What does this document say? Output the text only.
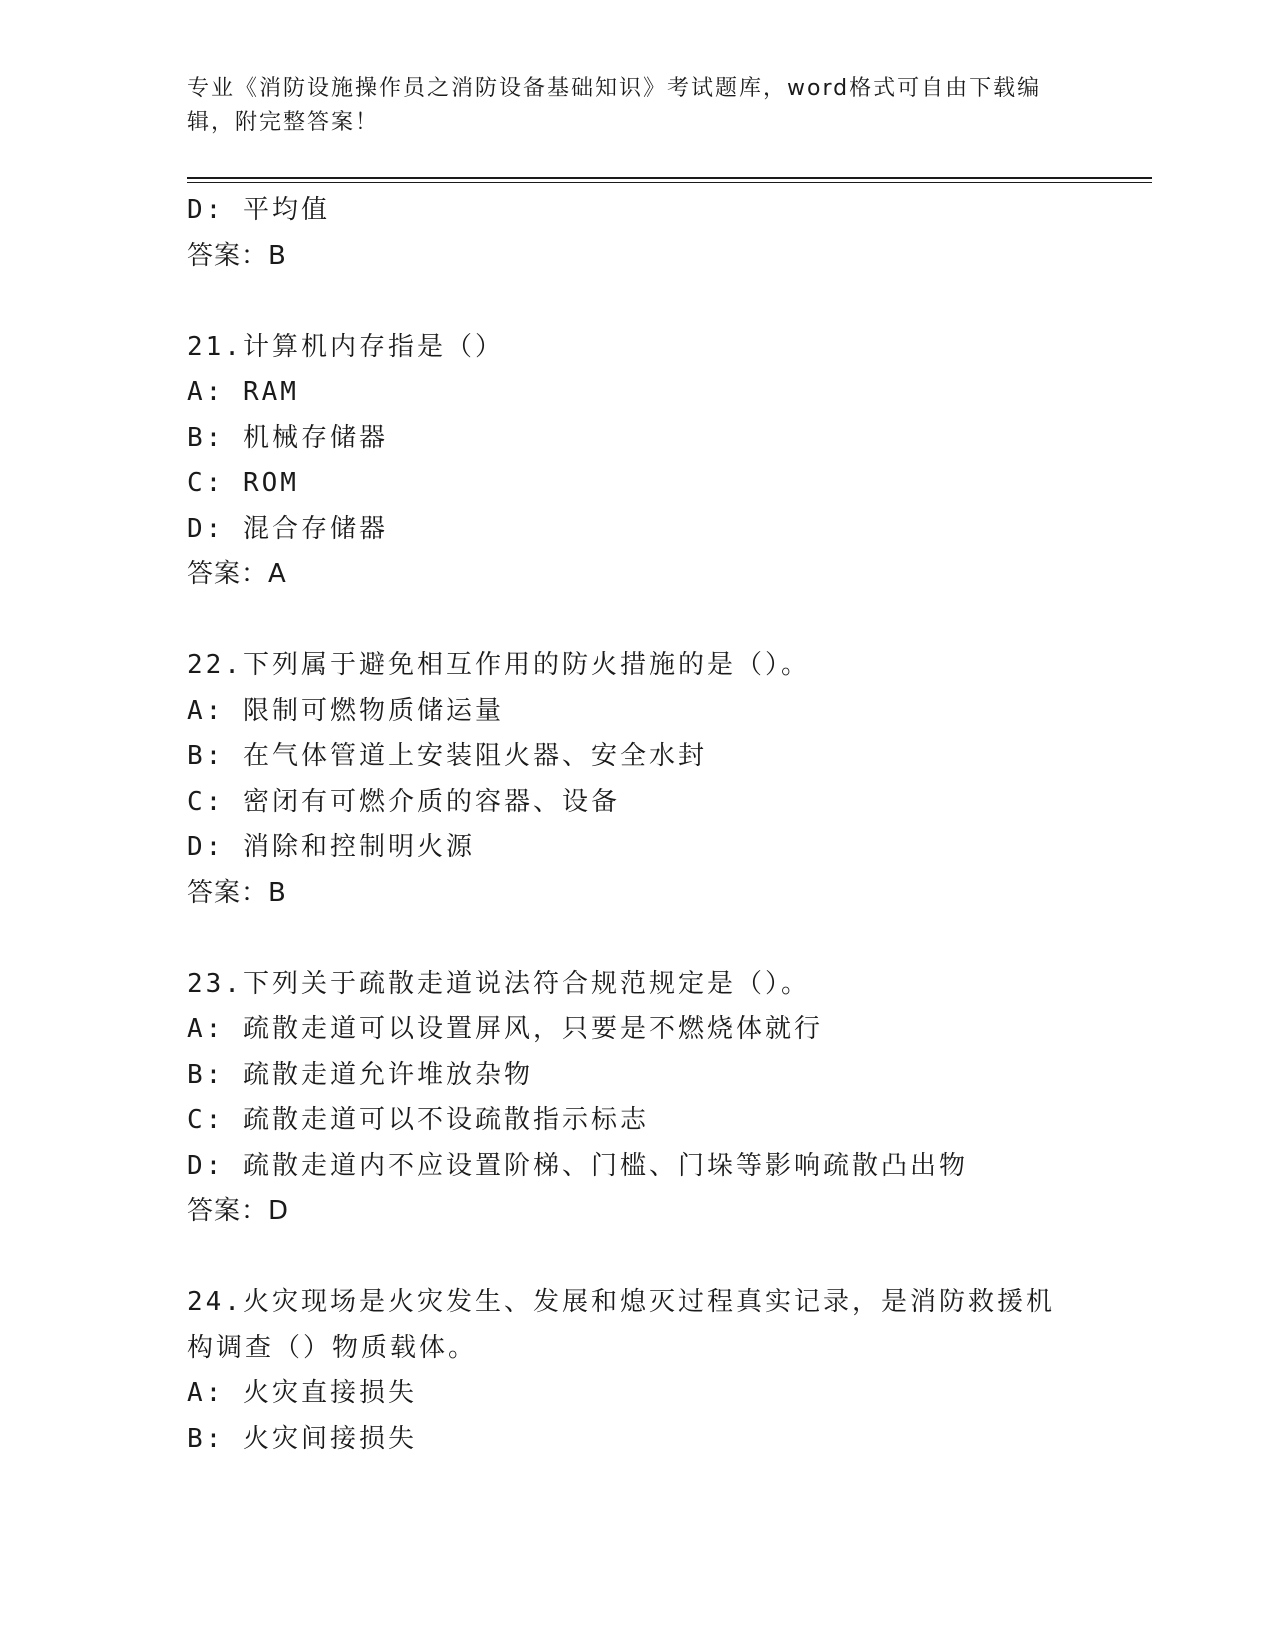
专业《消防设施操作员之消防设备基础知识》考试题库，word格式可自由下载编辑，附完整答案！
D: 平均值
答案：B
21.计算机内存指是（）
A: RAM
B: 机械存储器
C: ROM
D: 混合存储器
答案：A
22.下列属于避免相互作用的防火措施的是（）。
A: 限制可燃物质储运量
B: 在气体管道上安装阻火器、安全水封
C: 密闭有可燃介质的容器、设备
D: 消除和控制明火源
答案：B
23.下列关于疏散走道说法符合规范规定是（）。
A: 疏散走道可以设置屏风，只要是不燃烧体就行
B: 疏散走道允许堆放杂物
C: 疏散走道可以不设疏散指示标志
D: 疏散走道内不应设置阶梯、门槛、门垛等影响疏散凸出物
答案：D
24.火灾现场是火灾发生、发展和熄灭过程真实记录，是消防救援机构调查（）物质载体。
A: 火灾直接损失
B: 火灾间接损失
